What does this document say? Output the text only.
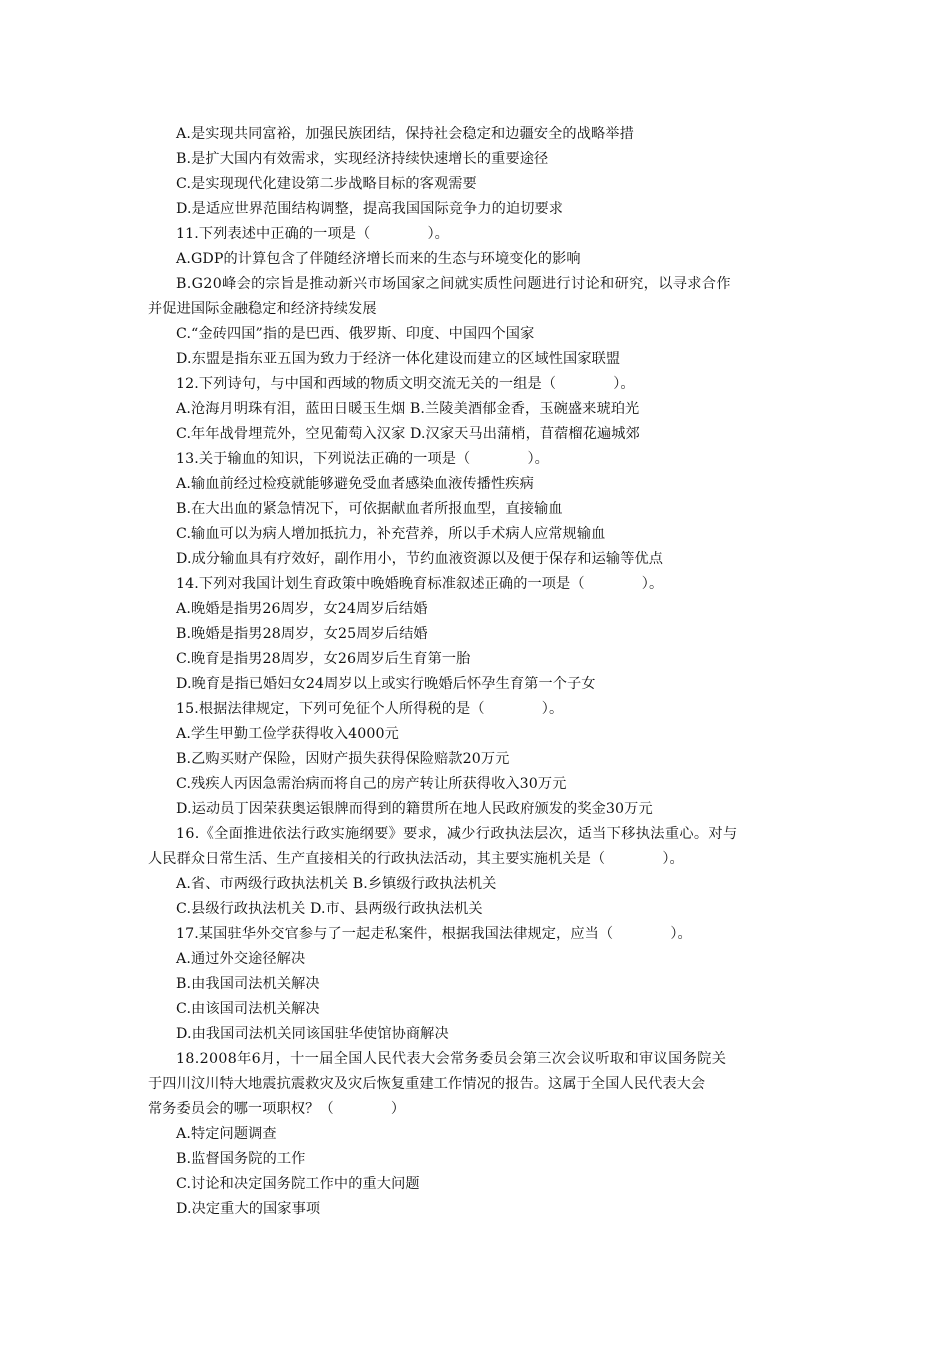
A.是实现共同富裕，加强民族团结，保持社会稳定和边疆安全的战略举措
B.是扩大国内有效需求，实现经济持续快速增长的重要途径
C.是实现现代化建设第二步战略目标的客观需要
D.是适应世界范围结构调整，提高我国国际竞争力的迫切要求
11.下列表述中正确的一项是（　　　　）。
A.GDP的计算包含了伴随经济增长而来的生态与环境变化的影响
B.G20峰会的宗旨是推动新兴市场国家之间就实质性问题进行讨论和研究，以寻求合作
并促进国际金融稳定和经济持续发展
C.“金砖四国”指的是巴西、俄罗斯、印度、中国四个国家
D.东盟是指东亚五国为致力于经济一体化建设而建立的区域性国家联盟
12.下列诗句，与中国和西域的物质文明交流无关的一组是（　　　　）。
A.沧海月明珠有泪，蓝田日暖玉生烟 B.兰陵美酒郁金香，玉碗盛来琥珀光
C.年年战骨埋荒外，空见葡萄入汉家 D.汉家天马出蒲梢，苜蓿榴花遍城郊
13.关于输血的知识，下列说法正确的一项是（　　　　）。
A.输血前经过检疫就能够避免受血者感染血液传播性疾病
B.在大出血的紧急情况下，可依据献血者所报血型，直接输血
C.输血可以为病人增加抵抗力，补充营养，所以手术病人应常规输血
D.成分输血具有疗效好，副作用小，节约血液资源以及便于保存和运输等优点
14.下列对我国计划生育政策中晚婚晚育标准叙述正确的一项是（　　　　）。
A.晚婚是指男26周岁，女24周岁后结婚
B.晚婚是指男28周岁，女25周岁后结婚
C.晚育是指男28周岁，女26周岁后生育第一胎
D.晚育是指已婚妇女24周岁以上或实行晚婚后怀孕生育第一个子女
15.根据法律规定，下列可免征个人所得税的是（　　　　）。
A.学生甲勤工俭学获得收入4000元
B.乙购买财产保险，因财产损失获得保险赔款20万元
C.残疾人丙因急需治病而将自己的房产转让所获得收入30万元
D.运动员丁因荣获奥运银牌而得到的籍贯所在地人民政府颁发的奖金30万元
16.《全面推进依法行政实施纲要》要求，减少行政执法层次，适当下移执法重心。对与
人民群众日常生活、生产直接相关的行政执法活动，其主要实施机关是（　　　　）。
A.省、市两级行政执法机关 B.乡镇级行政执法机关
C.县级行政执法机关 D.市、县两级行政执法机关
17.某国驻华外交官参与了一起走私案件，根据我国法律规定，应当（　　　　）。
A.通过外交途径解决
B.由我国司法机关解决
C.由该国司法机关解决
D.由我国司法机关同该国驻华使馆协商解决
18.2008年6月，十一届全国人民代表大会常务委员会第三次会议听取和审议国务院关
于四川汶川特大地震抗震救灾及灾后恢复重建工作情况的报告。这属于全国人民代表大会
常务委员会的哪一项职权？（　　　　）
A.特定问题调查
B.监督国务院的工作
C.讨论和决定国务院工作中的重大问题
D.决定重大的国家事项
